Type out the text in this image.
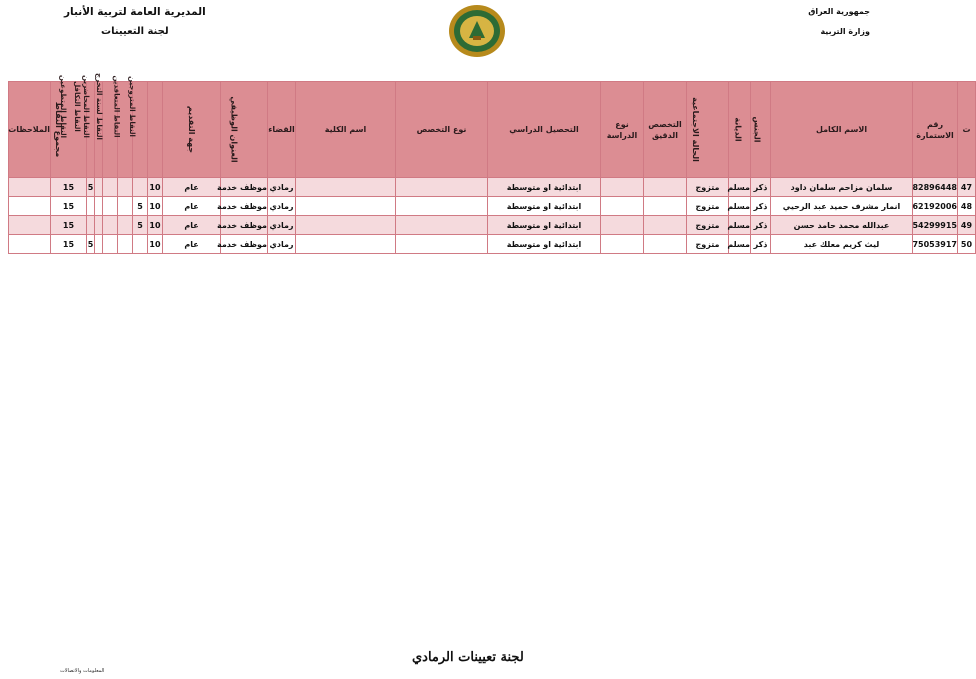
جمهورية العراق
وزارة التربية
المديرية العامة لتربية الأنبار
لجنة التعيينات
ت	رقم الاستمارة	الاسم الكامل	الجنس	الديانة	الحالة الاجتماعية	التخصص الدقيق	نوع الدراسة	التحصيل الدراسي	نوع التخصص	اسم الكلية	القضاء	العنوان الوظيفي	جهة التقديم	النقاط المتزوجين	النقاط المتعاقدين	النقاط لسنة التخرج	النقاط المحاضرين	النقاط التكافل	النقاط المتطوعين	مجموع النقاط	الملاحظات
47	82896448	سلمان مزاحم سلمان داود	ذكر	مسلم	متزوج			ابتدائية او متوسطة			رمادي	موظف خدمة	عام	10					5	15	
48	62192006	انمار مشرف حميد عبد الرحيي	ذكر	مسلم	متزوج			ابتدائية او متوسطة			رمادي	موظف خدمة	عام	10	5					15	
49	54299915	عبدالله محمد حامد حسن	ذكر	مسلم	متزوج			ابتدائية او متوسطة			رمادي	موظف خدمة	عام	10	5					15	
50	75053917	ليث كريم معلك عبد	ذكر	مسلم	متزوج			ابتدائية او متوسطة			رمادي	موظف خدمة	عام	10					5	15	
لجنة تعيينات الرمادي
المعلومات والاتصالات
